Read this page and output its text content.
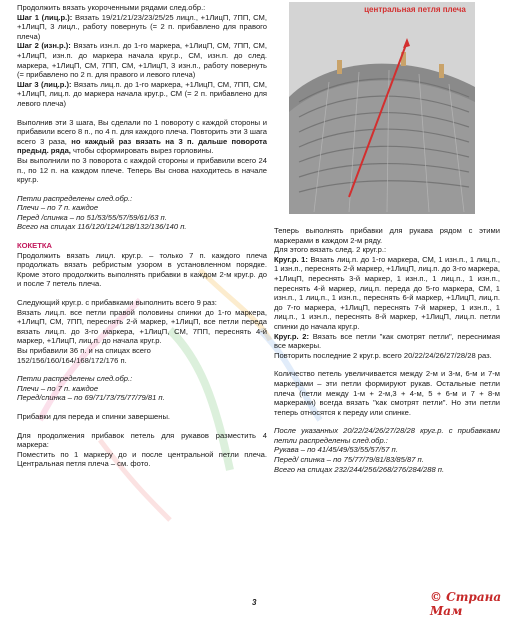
Продолжить вязать укороченными рядами след.обр.:

Шаг 1 (лиц.р.): Вязать 19/21/21/23/23/25/25 лицл., +1ЛицП, 7ПП, СМ, +1ЛицП, 3 лицл., работу повернуть (= 2 п. прибавлено для правого плеча)

Шаг 2 (изн.р.): Вязать изн.п. до 1-го маркера, +1ЛицП, СМ, 7ПП, СМ, +1ЛицП, изн.п. до маркера начала круг.р., СМ, изн.п. до след. маркера, +1ЛицП, СМ, 7ПП, СМ, +1ЛицП, 3 изн.п., работу повернуть (= прибавлено по 2 п. для правого и левого плеча)

Шаг 3 (лиц.р.): Вязать лиц.п. до 1-го маркера, +1ЛицП, СМ, 7ПП, СМ, +1ЛицП, лиц.п. до маркера начала круг.р., СМ (= 2 п. прибавлено для левого плеча)

Выполнив эти 3 шага, Вы сделали по 1 повороту с каждой стороны и прибавили всего 8 п., по 4 п. для каждого плеча. Повторить эти 3 шага всего 3 раза, но каждый раз вязать на 3 п. дальше поворота предыд. ряда, чтобы сформировать вырез горловины.

Вы выполнили по 3 поворота с каждой стороны и прибавили всего 24 п., по 12 п. на каждом плече. Теперь Вы снова находитесь в начале круг.р.

Петли распределены след.обр.:

Плечи – по 7 п. каждое

Перед /спинка – по 51/53/55/57/59/61/63 п.

Всего на спицах 116/120/124/128/132/136/140 п.

КОКЕТКА

Продолжить вязать лицл. круг.р. – только 7 п. каждого плеча продолжать вязать ребристым узором в установленном порядке. Кроме этого продолжить выполнять прибавки в каждом 2-м круг.р. до и после 7 петель плеча.

Следующий круг.р. с прибавками выполнить всего 9 раз:

Вязать лиц.п. все петли правой половины спинки до 1-го маркера, +1ЛицП, СМ, 7ПП, переснять 2-й маркер, +1ЛицП, все петли переда вязать лиц.п. до 3-го маркера, +1ЛицП, СМ, 7ПП, переснять 4-й маркер, +1ЛицП, лиц.п. до начала круг.р.

Вы прибавили 36 п. и на спицах всего

152/156/160/164/168/172/176 п.

Петли распределены след.обр.:

Плечи – по 7 п. каждое

Перед/спинка – по 69/71/73/75/77/79/81 п.

Прибавки для переда и спинки завершены.

Для продолжения прибавок петель для рукавов разместить 4 маркера:

Поместить по 1 маркеру до и после центральной петли плеча. Центральная петля плеча – см. фото.

центральная петля плеча

Теперь выполнять прибавки для рукава рядом с этими маркерами в каждом 2-м ряду.

Для этого вязать след. 2 круг.р.:

Круг.р. 1: Вязать лиц.п. до 1-го маркера, СМ, 1 изн.п., 1 лиц.п., 1 изн.п., переснять 2-й маркер, +1ЛицП, лиц.п. до 3-го маркера, +1ЛицП, переснять 3-й маркер, 1 изн.п., 1 лиц.п., 1 изн.п., переснять 4-й маркер, лиц.п. переда до 5-го маркера, СМ, 1 изн.п., 1 лиц.п., 1 изн.п., переснять 6-й маркер, +1ЛицП, лиц.п. до 7-го маркера, +1ЛицП, переснять 7-й маркер, 1 изн.п., 1 лиц.п., 1 изн.п., переснять 8-й маркер, +1ЛицП, лиц.п. петли спинки до начала круг.р.

Круг.р. 2: Вязать все петли "как смотрят петли", переснимая все маркеры.

Повторить последние 2 круг.р. всего 20/22/24/26/27/28/28 раз.

Количество петель увеличивается между 2-м и 3-м, 6-м и 7-м маркерами – эти петли формируют рукав. Остальные петли плеча (петли между 1-м + 2-м,3 + 4-м, 5 + 6-м и 7 + 8-м маркерами) всегда вязать "как смотрят петли". Но эти петли теперь относятся к переду или спинке.

После указанных 20/22/24/26/27/28/28 круг.р. с прибавками петли распределены след.обр.:

Рукава – по 41/45/49/53/55/57/57 п.

Перед/ спинка – по 75/77/79/81/83/85/87 п.

Всего на спицах 232/244/256/268/276/284/288 п.

3	© Страна Мам
